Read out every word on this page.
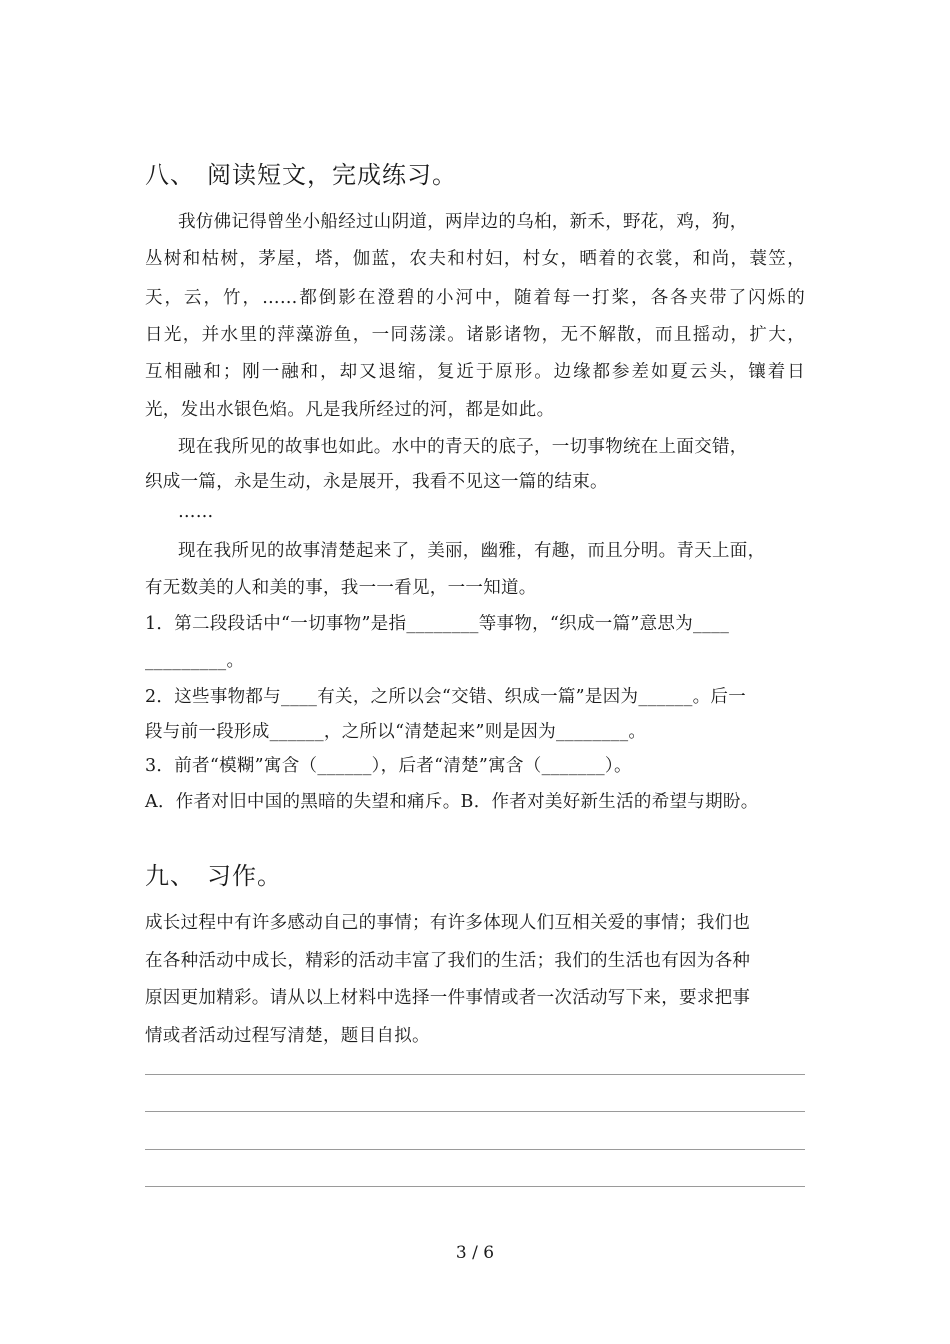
八、 阅读短文，完成练习。
我仿佛记得曾坐小船经过山阴道，两岸边的乌桕，新禾，野花，鸡，狗，
丛树和枯树，茅屋，塔，伽蓝，农夫和村妇，村女，晒着的衣裳，和尚，蓑笠，
天，云，竹，……都倒影在澄碧的小河中，随着每一打桨，各各夹带了闪烁的
日光，并水里的萍藻游鱼，一同荡漾。诸影诸物，无不解散，而且摇动，扩大，
互相融和；刚一融和，却又退缩，复近于原形。边缘都参差如夏云头，镶着日
光，发出水银色焰。凡是我所经过的河，都是如此。
现在我所见的故事也如此。水中的青天的底子，一切事物统在上面交错，
织成一篇，永是生动，永是展开，我看不见这一篇的结束。
……
现在我所见的故事清楚起来了，美丽，幽雅，有趣，而且分明。青天上面，
有无数美的人和美的事，我一一看见，一一知道。
1．第二段段话中“一切事物”是指________等事物，“织成一篇”意思为____
_________。
2．这些事物都与____有关，之所以会“交错、织成一篇”是因为______。后一
段与前一段形成______，之所以“清楚起来”则是因为________。
3．前者“模糊”寓含（______），后者“清楚”寓含（_______）。
A．作者对旧中国的黑暗的失望和痛斥。B．作者对美好新生活的希望与期盼。
九、 习作。
成长过程中有许多感动自己的事情；有许多体现人们互相关爱的事情；我们也
在各种活动中成长，精彩的活动丰富了我们的生活；我们的生活也有因为各种
原因更加精彩。请从以上材料中选择一件事情或者一次活动写下来，要求把事
情或者活动过程写清楚，题目自拟。
3 / 6
